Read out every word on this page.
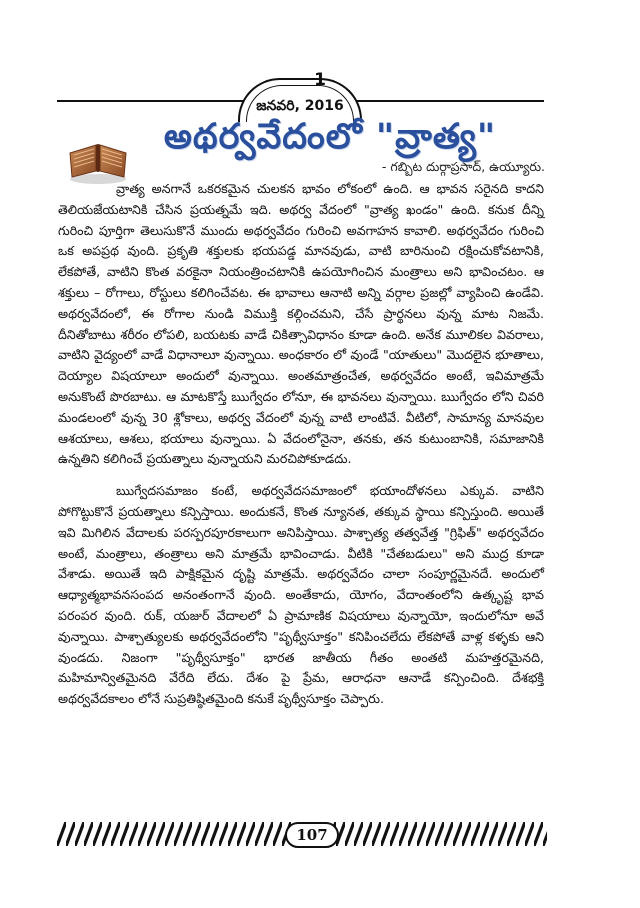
1
జనవరి, 2016
అథర్వవేదంలో "వ్రాత్య"
- గబ్బిట దుర్గాప్రసాద్, ఉయ్యూరు.

వ్రాత్య అనగానే ఒకరకమైన చులకన భావం లోకంలో ఉంది. ఆ భావన సరైనది కాదని తెలియజేయటానికి చేసిన ప్రయత్నమే ఇది. అథర్వ వేదంలో "వ్రాత్య ఖండం" ఉంది. కనుక దీన్ని గురించి పూర్తిగా తెలుసుకొనే ముందు అథర్వవేదం గురించి అవగాహన కావాలి. అథర్వవేదం గురించి ఒక అపప్రథ వుంది. ప్రకృతి శక్తులకు భయపడ్డ మానవుడు, వాటి బారినుంచి రక్షించుకోవటానికి, లేకపోతే, వాటిని కొంత వరకైనా నియంత్రించటానికి ఉపయోగించిన మంత్రాలు అని భావించటం. ఆ శక్తులు – రోగాలు, రోస్టులు కలిగించేవట. ఈ భావాలు ఆనాటి అన్ని వర్గాల ప్రజల్లో వ్యాపించి ఉండేవి. అథర్వవేదంలో, ఈ రోగాల నుండి విముక్తి కల్గించమని, చేసే ప్రార్థనలు వున్న మాట నిజమే. దీనితోబాటు శరీరం లోపలి, బయటకు వాడే చికిత్సావిధానం కూడా ఉంది. అనేక మూలికల వివరాలు, వాటిని వైద్యంలో వాడే విధానాలూ వున్నాయి. అంధకారం లో వుండే "యాతులు" మొదలైన భూతాలు, దెయ్యాల విషయాలూ అందులో వున్నాయి. అంతమాత్రంచేత, అథర్వవేదం అంటే, ఇవిమాత్రమే అనుకొంటే పొరబాటు. ఆ మాటకొస్తే ఋగ్వేదం లోనూ, ఈ భావనలు వున్నాయి. ఋగ్వేదం లోని చివరి మండలంలో వున్న 30 శ్లోకాలు, అథర్వ వేదంలో వున్న వాటి లాంటివే. వీటిలో, సామాన్య మానవుల ఆశయాలు, ఆశలు, భయాలు వున్నాయి. ఏ వేదంలోనైనా, తనకు, తన కుటుంబానికి, సమాజానికి ఉన్నతిని కలిగించే ప్రయత్నాలు వున్నాయని మరచిపోకూడదు.

ఋగ్వేదసమాజం కంటే, అథర్వవేదసమాజంలో భయాందోళనలు ఎక్కువ. వాటిని పోగొట్టుకొనే ప్రయత్నాలు కన్పిస్తాయి. అందుకనే, కొంత న్యూనత, తక్కువ స్థాయి కన్పిస్తుంది. అయితే ఇవి మిగిలిన వేదాలకు పరస్పరపూరకాలుగా అనిపిస్తాయి. పాశ్చాత్య తత్వవేత్త "గ్రిఫిత్" అథర్వవేదం అంటే, మంత్రాలు, తంత్రాలు అని మాత్రమే భావించాడు. వీటికి "చేతబడులు" అని ముద్ర కూడా వేశాడు. అయితే ఇది పాక్షికమైన దృష్టి మాత్రమే. అథర్వవేదం చాలా సంపూర్ణమైనదే. అందులో ఆధ్యాత్మభావనసంపద అనంతంగానే వుంది. అంతేకాదు, యోగం, వేదాంతంలోని ఉత్కృష్ట భావ పరంపర వుంది. రుక్, యజుర్ వేదాలలో ఏ ప్రామాణిక విషయాలు వున్నాయో, ఇందులోనూ అవే వున్నాయి. పాశ్చాత్యులకు అథర్వవేదంలోని "పృథ్వీసూక్తం" కనిపించలేదు లేకపోతే వాళ్ల కళ్ళకు ఆని వుండదు. నిజంగా "పృథ్వీసూక్తం" భారత జాతీయ గీతం అంతటి మహత్తరమైనది, మహిమాన్వితమైనది వేరేది లేదు. దేశం పై ప్రేమ, ఆరాధనా ఆనాడే కన్పించింది. దేశభక్తి అథర్వవేదకాలం లోనే సుప్రతిష్ఠితమైంది కనుకే పృథ్వీసూక్తం చెప్పారు.

107
